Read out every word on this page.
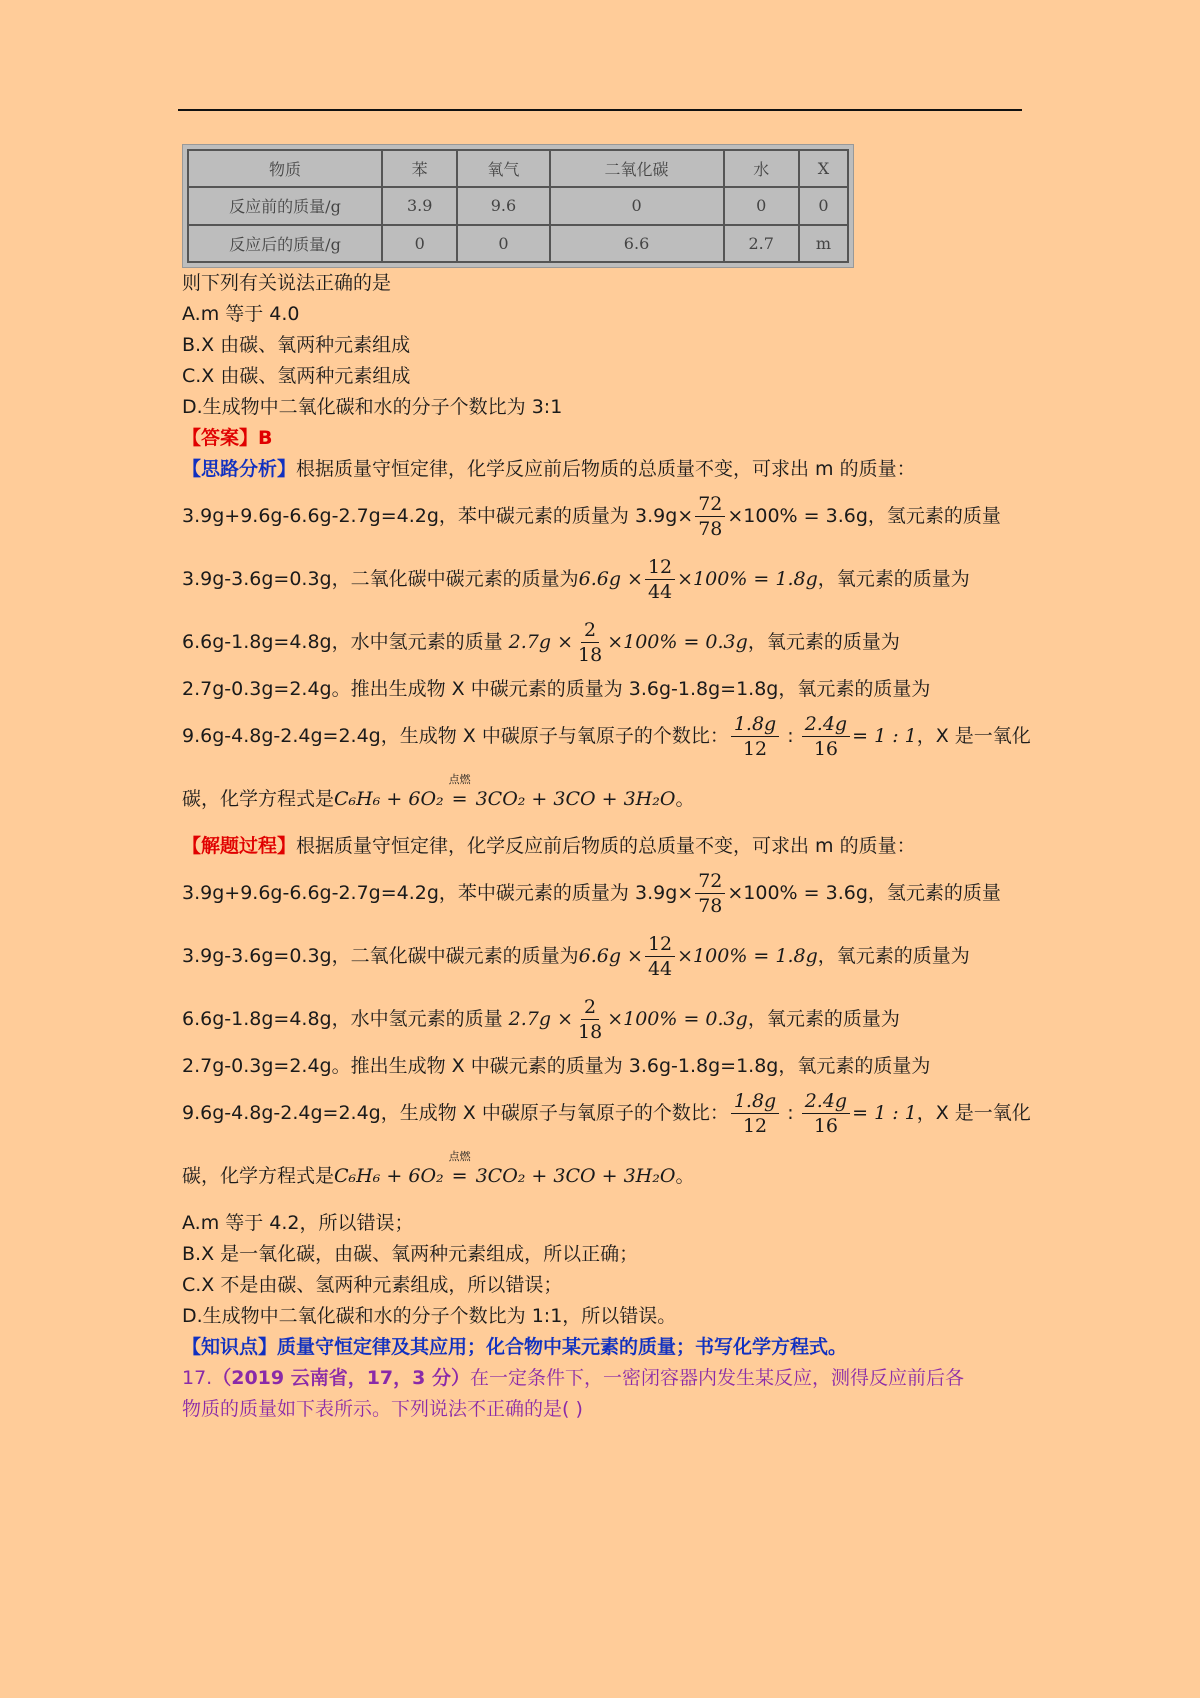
物质	苯	氧气	二氧化碳	水	X
反应前的质量/g	3.9	9.6	0	0	0
反应后的质量/g	0	0	6.6	2.7	m
则下列有关说法正确的是
A.m 等于 4.0
B.X 由碳、氧两种元素组成
C.X 由碳、氢两种元素组成
D.生成物中二氧化碳和水的分子个数比为 3:1
【答案】B
【思路分析】根据质量守恒定律，化学反应前后物质的总质量不变，可求出 m 的质量：
3.9g+9.6g-6.6g-2.7g=4.2g，苯中碳元素的质量为 $3.9g\times \frac{72}{78} \times 100\% = 3.6g$，氢元素的质量
3.9g-3.6g=0.3g，二氧化碳中碳元素的质量为$6.6g \times \frac{12}{44} \times 100\% = 1.8g$，氧元素的质量为
6.6g-1.8g=4.8g，水中氢元素的质量 $2.7g \times \frac{2}{18} \times 100\% = 0.3g$，氧元素的质量为
2.7g-0.3g=2.4g。推出生成物 X 中碳元素的质量为 3.6g-1.8g=1.8g，氧元素的质量为
9.6g-4.8g-2.4g=2.4g，生成物 X 中碳原子与氧原子的个数比： $\frac{1.8g}{12}$ : $\frac{2.4g}{16} = 1$ : 1，X 是一氧化
碳，化学方程式是 C₆H₆ + 6O₂
点燃
= 3CO₂ + 3CO + 3H₂O 。
【解题过程】根据质量守恒定律，化学反应前后物质的总质量不变，可求出 m 的质量：
3.9g+9.6g-6.6g-2.7g=4.2g，苯中碳元素的质量为 $3.9g\times \frac{72}{78} \times 100\% = 3.6g$，氢元素的质量
3.9g-3.6g=0.3g，二氧化碳中碳元素的质量为$6.6g \times \frac{12}{44} \times 100\% = 1.8g$，氧元素的质量为
6.6g-1.8g=4.8g，水中氢元素的质量 $2.7g \times \frac{2}{18} \times 100\% = 0.3g$，氧元素的质量为
2.7g-0.3g=2.4g。推出生成物 X 中碳元素的质量为 3.6g-1.8g=1.8g，氧元素的质量为
9.6g-4.8g-2.4g=2.4g，生成物 X 中碳原子与氧原子的个数比： $\frac{1.8g}{12}$ : $\frac{2.4g}{16} = 1$ : 1，X 是一氧化
碳，化学方程式是 C₆H₆ + 6O₂
点燃
= 3CO₂ + 3CO + 3H₂O 。
A.m 等于 4.2，所以错误；
B.X 是一氧化碳，由碳、氧两种元素组成，所以正确；
C.X 不是由碳、氢两种元素组成，所以错误；
D.生成物中二氧化碳和水的分子个数比为 1:1，所以错误。
【知识点】质量守恒定律及其应用；化合物中某元素的质量；书写化学方程式。
17.（2019 云南省，17，3 分）在一定条件下，一密闭容器内发生某反应，测得反应前后各
物质的质量如下表所示。下列说法不正确的是( )
